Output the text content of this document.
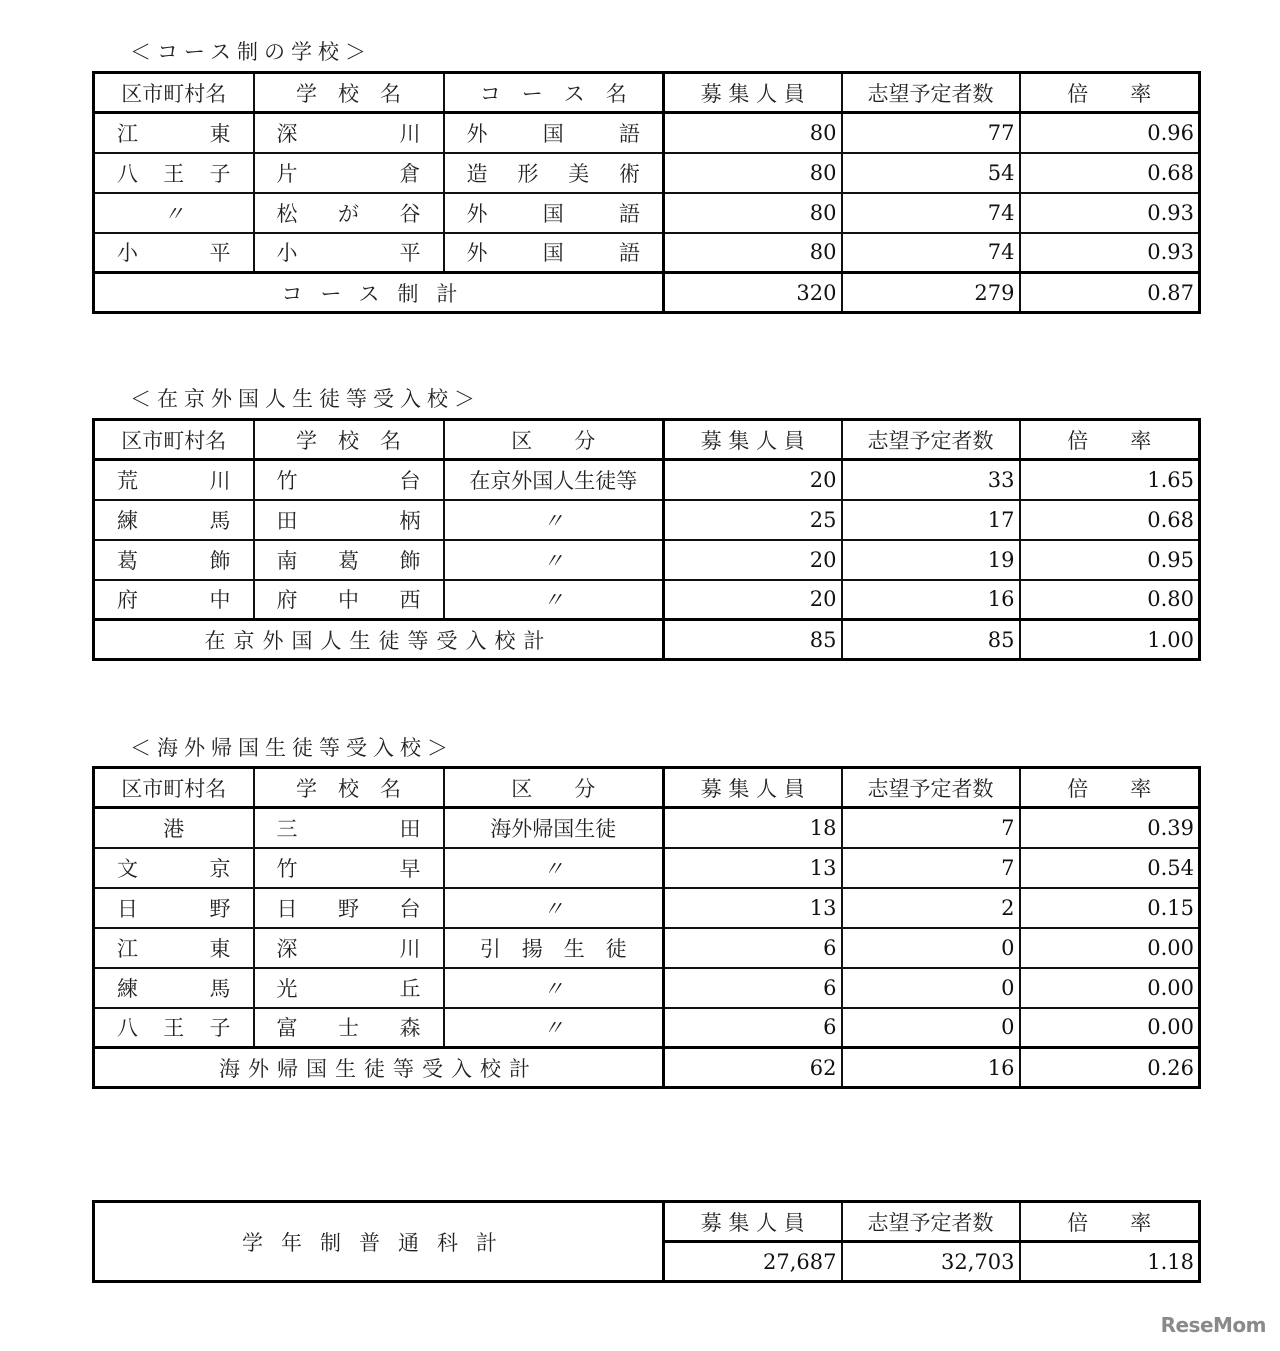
＜コース制の学校＞
区市町村名	学　校　名	コ　ー　ス　名	募 集 人 員	志望予定者数	倍　　率

江 東	深 川	外 国 語	80	77	0.96

八 王 子	片 倉	造 形 美 術	80	54	0.68

〃	松 が 谷	外 国 語	80	74	0.93

小 平	小 平	外 国 語	80	74	0.93
コース制計			320	279	0.87
＜在京外国人生徒等受入校＞
区市町村名	学　校　名	区　　分	募 集 人 員	志望予定者数	倍　　率

荒 川	竹 台	在京外国人生徒等	20	33	1.65

練 馬	田 柄	〃	25	17	0.68

葛 飾	南 葛 飾	〃	20	19	0.95

府 中	府 中 西	〃	20	16	0.80
在京外国人生徒等受入校計			85	85	1.00
＜海外帰国生徒等受入校＞
区市町村名	学　校　名	区　　分	募 集 人 員	志望予定者数	倍　　率

港	三 田	海外帰国生徒	18	7	0.39

文 京	竹 早	〃	13	7	0.54

日 野	日 野 台	〃	13	2	0.15

江 東	深 川	引　揚　生　徒	6	0	0.00

練 馬	光 丘	〃	6	0	0.00

八 王 子	富 士 森	〃	6	0	0.00
海外帰国生徒等受入校計			62	16	0.26
学年制普通科計	募 集 人 員	志望予定者数	倍　　率
	27,687	32,703	1.18
ReseMom
